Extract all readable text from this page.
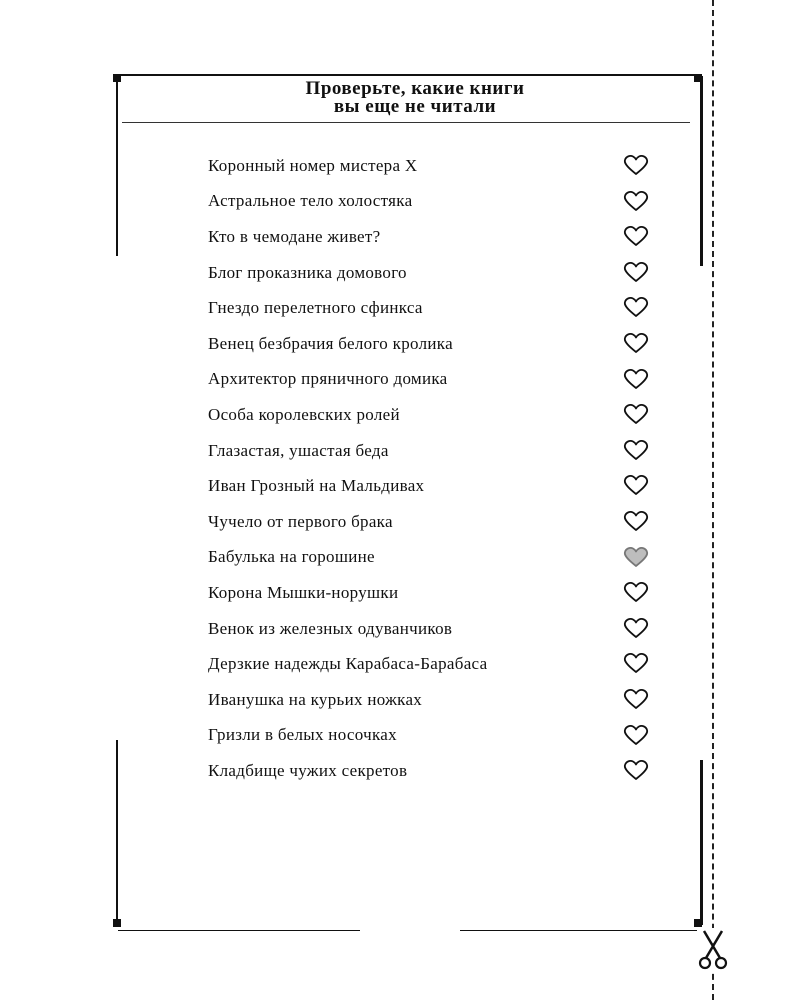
Проверьте, какие книги
вы еще не читали
Коронный номер мистера Х
Астральное тело холостяка
Кто в чемодане живет?
Блог проказника домового
Гнездо перелетного сфинкса
Венец безбрачия белого кролика
Архитектор пряничного домика
Особа королевских ролей
Глазастая, ушастая беда
Иван Грозный на Мальдивах
Чучело от первого брака
Бабулька на горошине
Корона Мышки-норушки
Венок из железных одуванчиков
Дерзкие надежды Карабаса-Барабаса
Иванушка на курьих ножках
Гризли в белых носочках
Кладбище чужих секретов
